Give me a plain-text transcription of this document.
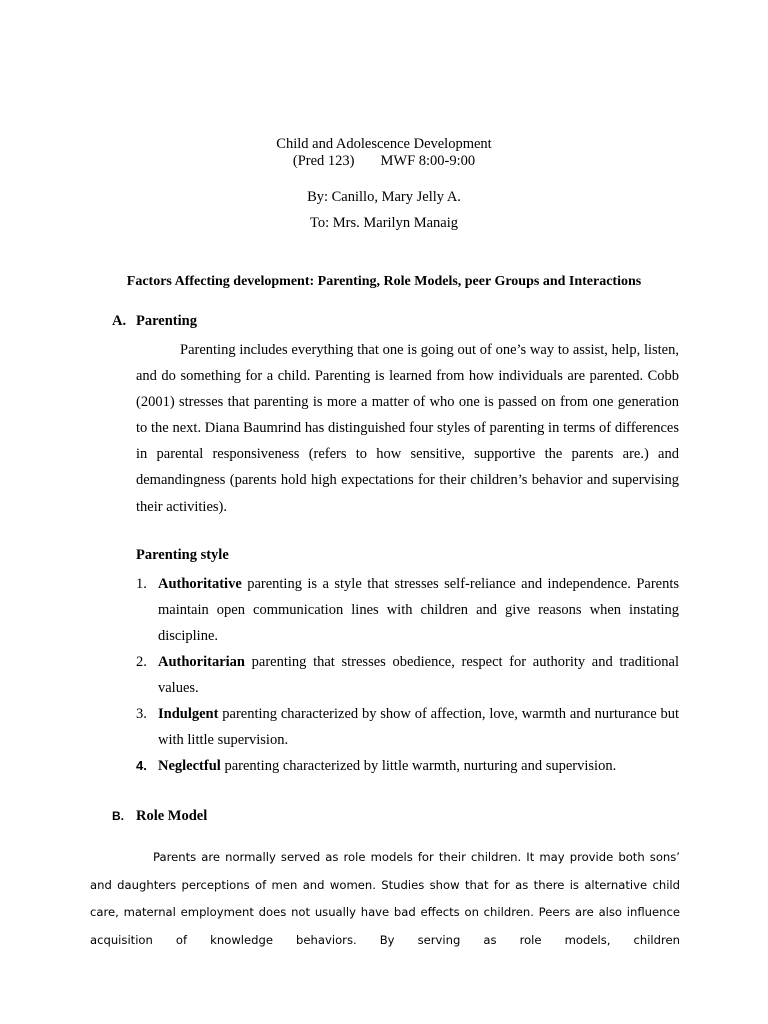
Child and Adolescence Development
(Pred 123) MWF 8:00-9:00
By: Canillo, Mary Jelly A.
To: Mrs. Marilyn Manaig
Factors Affecting development: Parenting, Role Models, peer Groups and Interactions
A. Parenting

Parenting includes everything that one is going out of one’s way to assist, help, listen, and do something for a child. Parenting is learned from how individuals are parented. Cobb (2001) stresses that parenting is more a matter of who one is passed on from one generation to the next. Diana Baumrind has distinguished four styles of parenting in terms of differences in parental responsiveness (refers to how sensitive, supportive the parents are.) and demandingness (parents hold high expectations for their children’s behavior and supervising their activities).

Parenting style
1. Authoritative parenting is a style that stresses self-reliance and independence. Parents maintain open communication lines with children and give reasons when instating discipline.
2. Authoritarian parenting that stresses obedience, respect for authority and traditional values.
3. Indulgent parenting characterized by show of affection, love, warmth and nurturance but with little supervision.
4. Neglectful parenting characterized by little warmth, nurturing and supervision.
B. Role Model

Parents are normally served as role models for their children. It may provide both sons’ and daughters perceptions of men and women. Studies show that for as there is alternative child care, maternal employment does not usually have bad effects on children. Peers are also influence acquisition of knowledge behaviors. By serving as role models, children
